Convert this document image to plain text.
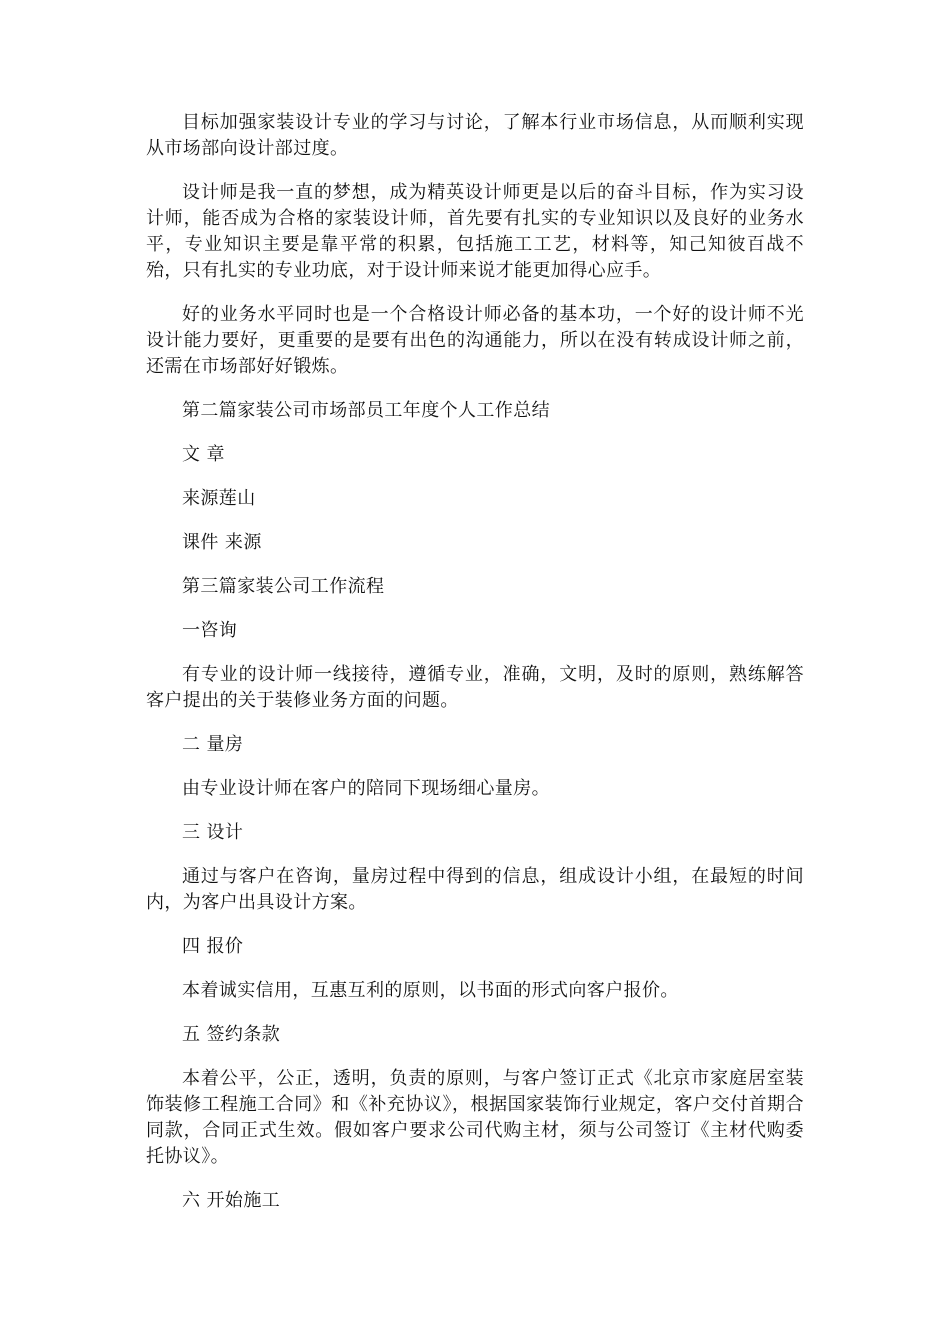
目标加强家装设计专业的学习与讨论，了解本行业市场信息，从而顺利实现从市场部向设计部过度。

设计师是我一直的梦想，成为精英设计师更是以后的奋斗目标，作为实习设计师，能否成为合格的家装设计师，首先要有扎实的专业知识以及良好的业务水平，专业知识主要是靠平常的积累，包括施工工艺，材料等，知己知彼百战不殆，只有扎实的专业功底，对于设计师来说才能更加得心应手。

好的业务水平同时也是一个合格设计师必备的基本功，一个好的设计师不光设计能力要好，更重要的是要有出色的沟通能力，所以在没有转成设计师之前，还需在市场部好好锻炼。

第二篇家装公司市场部员工年度个人工作总结

文 章

来源莲山

课件 来源

第三篇家装公司工作流程

一咨询

有专业的设计师一线接待，遵循专业，准确，文明，及时的原则，熟练解答客户提出的关于装修业务方面的问题。

二 量房

由专业设计师在客户的陪同下现场细心量房。

三 设计

通过与客户在咨询，量房过程中得到的信息，组成设计小组，在最短的时间内，为客户出具设计方案。

四 报价

本着诚实信用，互惠互利的原则，以书面的形式向客户报价。

五 签约条款

本着公平，公正，透明，负责的原则，与客户签订正式《北京市家庭居室装饰装修工程施工合同》和《补充协议》，根据国家装饰行业规定，客户交付首期合同款，合同正式生效。假如客户要求公司代购主材，须与公司签订《主材代购委托协议》。

六 开始施工
